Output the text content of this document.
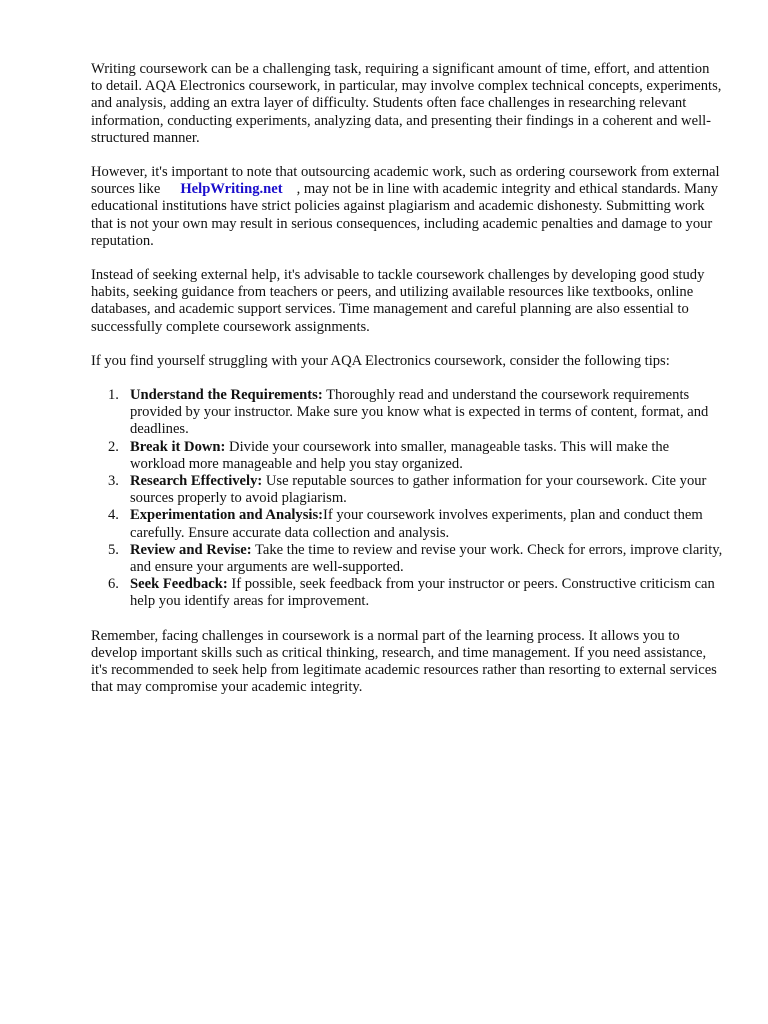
Writing coursework can be a challenging task, requiring a significant amount of time, effort, and attention to detail. AQA Electronics coursework, in particular, may involve complex technical concepts, experiments, and analysis, adding an extra layer of difficulty. Students often face challenges in researching relevant information, conducting experiments, analyzing data, and presenting their findings in a coherent and well-structured manner.

However, it's important to note that outsourcing academic work, such as ordering coursework from external sources like HelpWriting.net , may not be in line with academic integrity and ethical standards. Many educational institutions have strict policies against plagiarism and academic dishonesty. Submitting work that is not your own may result in serious consequences, including academic penalties and damage to your reputation.

Instead of seeking external help, it's advisable to tackle coursework challenges by developing good study habits, seeking guidance from teachers or peers, and utilizing available resources like textbooks, online databases, and academic support services. Time management and careful planning are also essential to successfully complete coursework assignments.

If you find yourself struggling with your AQA Electronics coursework, consider the following tips:

1. Understand the Requirements: Thoroughly read and understand the coursework requirements provided by your instructor. Make sure you know what is expected in terms of content, format, and deadlines.
2. Break it Down: Divide your coursework into smaller, manageable tasks. This will make the workload more manageable and help you stay organized.
3. Research Effectively: Use reputable sources to gather information for your coursework. Cite your sources properly to avoid plagiarism.
4. Experimentation and Analysis:If your coursework involves experiments, plan and conduct them carefully. Ensure accurate data collection and analysis.
5. Review and Revise: Take the time to review and revise your work. Check for errors, improve clarity, and ensure your arguments are well-supported.
6. Seek Feedback: If possible, seek feedback from your instructor or peers. Constructive criticism can help you identify areas for improvement.

Remember, facing challenges in coursework is a normal part of the learning process. It allows you to develop important skills such as critical thinking, research, and time management. If you need assistance, it's recommended to seek help from legitimate academic resources rather than resorting to external services that may compromise your academic integrity.
